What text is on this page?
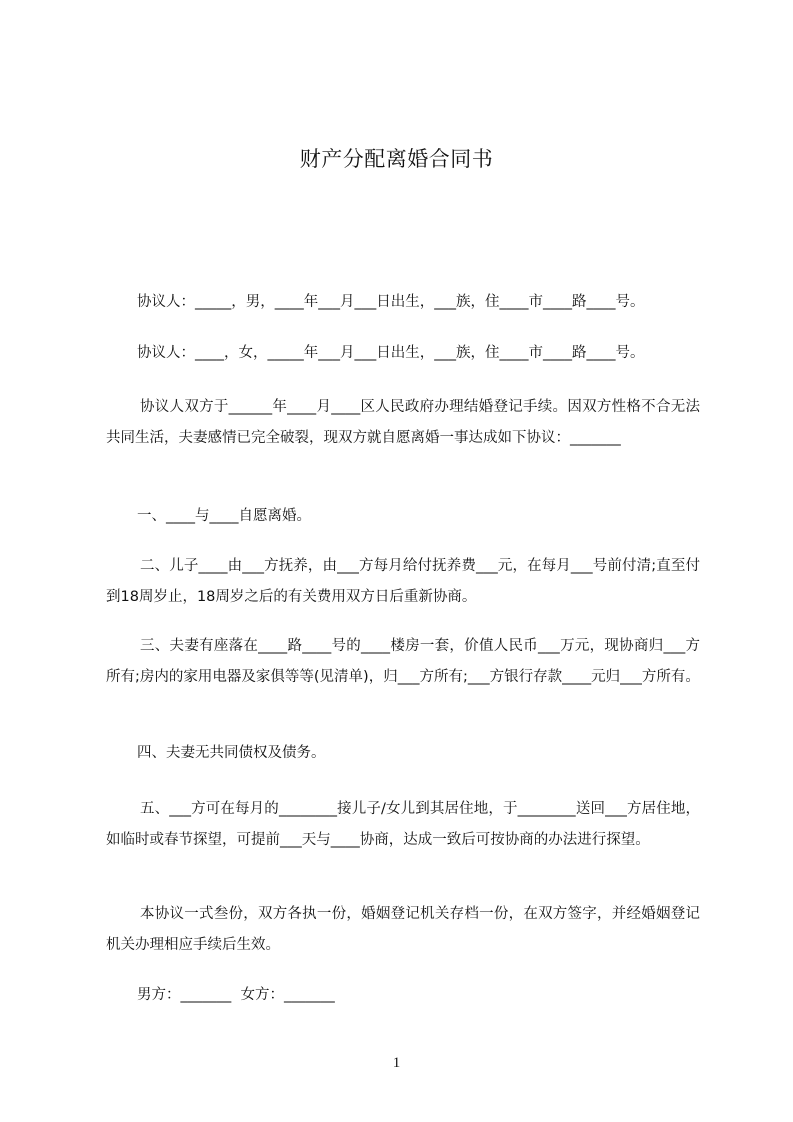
财产分配离婚合同书

协议人：_____，男，____年___月___日出生，___族，住____市____路____号。

协议人：____，女，_____年___月___日出生，___族，住____市____路____号。

协议人双方于______年____月____区人民政府办理结婚登记手续。因双方性格不合无法共同生活，夫妻感情已完全破裂，现双方就自愿离婚一事达成如下协议：_______

一、____与____自愿离婚。

二、儿子____由___方抚养，由___方每月给付抚养费___元，在每月___号前付清;直至付到18周岁止，18周岁之后的有关费用双方日后重新协商。

三、夫妻有座落在____路____号的____楼房一套，价值人民币___万元，现协商归___方所有;房内的家用电器及家俱等等(见清单)，归___方所有;___方银行存款____元归___方所有。

四、夫妻无共同债权及债务。

五、___方可在每月的________接儿子/女儿到其居住地，于________送回___方居住地，如临时或春节探望，可提前___天与____协商，达成一致后可按协商的办法进行探望。

本协议一式叁份，双方各执一份，婚姻登记机关存档一份，在双方签字，并经婚姻登记机关办理相应手续后生效。

男方：_______  女方：_______

1
